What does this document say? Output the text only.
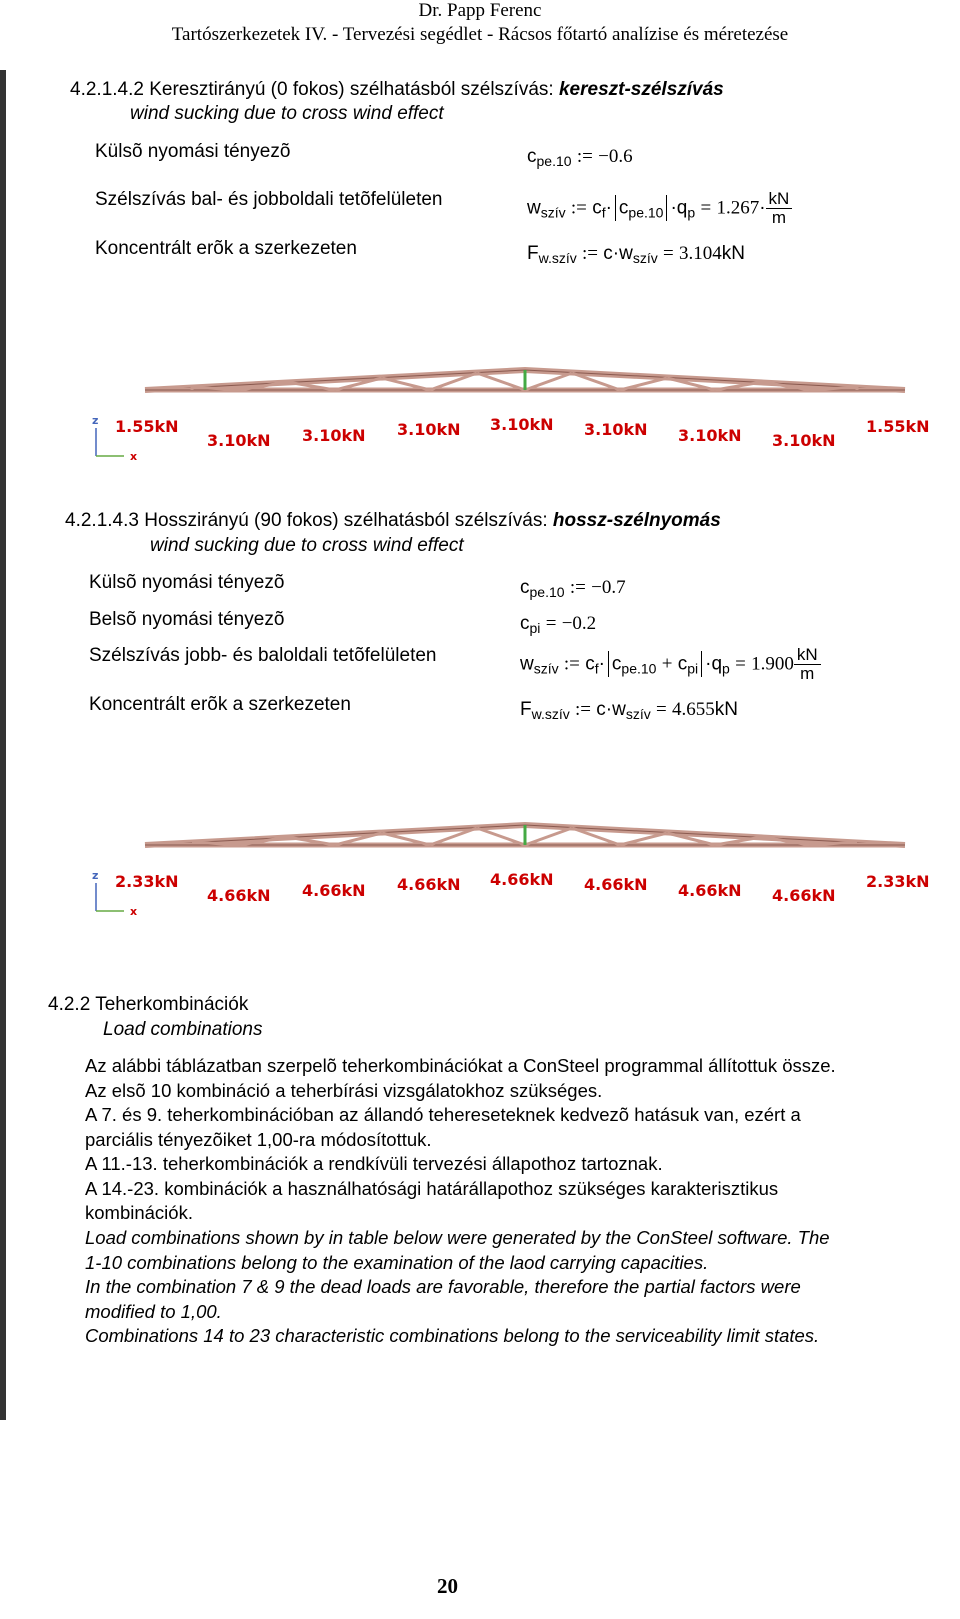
Dr. Papp Ferenc
Tartószerkezetek IV. - Tervezési segédlet - Rácsos főtartó analízise és méretezése
4.2.1.4.2 Keresztirányú (0 fokos) szélhatásból szélszívás: kereszt-szélszívás
wind sucking due to cross wind effect
Külsõ nyomási tényezõ
Szélszívás bal- és jobboldali tetõfelületen
Koncentrált erõk a szerkezeten
$c_{pe.10}$ := −0.6
$w_{szív}$ := $c_f\cdot c_{pe.10} \cdot q_p = 1.267\cdot \frac{kN}{m}$
$F_{w.szív}$ := $c\cdot w_{szív} = 3.104kN$
z
x
1.55kN
3.10kN 3.10kN 3.10kN 3.10kN 3.10kN 3.10kN 3.10kN
1.55kN
4.2.1.4.3 Hosszirányú (90 fokos) szélhatásból szélszívás: hossz-szélnyomás
wind sucking due to cross wind effect
Külsõ nyomási tényezõ
Belsõ nyomási tényezõ
Szélszívás jobb- és baloldali tetõfelületen
Koncentrált erõk a szerkezeten
$c_{pe.10}$ := −0.7
$c_{pi} = -0.2$
$w_{szív}$ := $c_f\cdot c_{pe.10} + c_{pi} \cdot q_p = 1.900 \frac{kN}{m}$
$F_{w.szív}$ := $c\cdot w_{szív} = 4.655kN$
z
x
2.33kN
4.66kN 4.66kN 4.66kN 4.66kN 4.66kN 4.66kN 4.66kN
2.33kN
4.2.2 Teherkombinációk
Load combinations
Az alábbi táblázatban szerpelõ teherkombinációkat a ConSteel programmal állítottuk össze.
Az elsõ 10 kombináció a teherbírási vizsgálatokhoz szükséges.
A 7. és 9. teherkombinációban az állandó tehereseteknek kedvezõ hatásuk van, ezért a
parciális tényezõiket 1,00-ra módosítottuk.
A 11.-13. teherkombinációk a rendkívüli tervezési állapothoz tartoznak.
A 14.-23. kombinációk a használhatósági határállapothoz szükséges karakterisztikus
kombinációk.
Load combinations shown by in table below were generated by the ConSteel software. The
1-10 combinations belong to the examination of the laod carrying capacities.
In the combination 7 & 9 the dead loads are favorable, therefore the partial factors were
modified to 1,00.
Combinations 14 to 23 characteristic combinations belong to the serviceability limit states.
20
